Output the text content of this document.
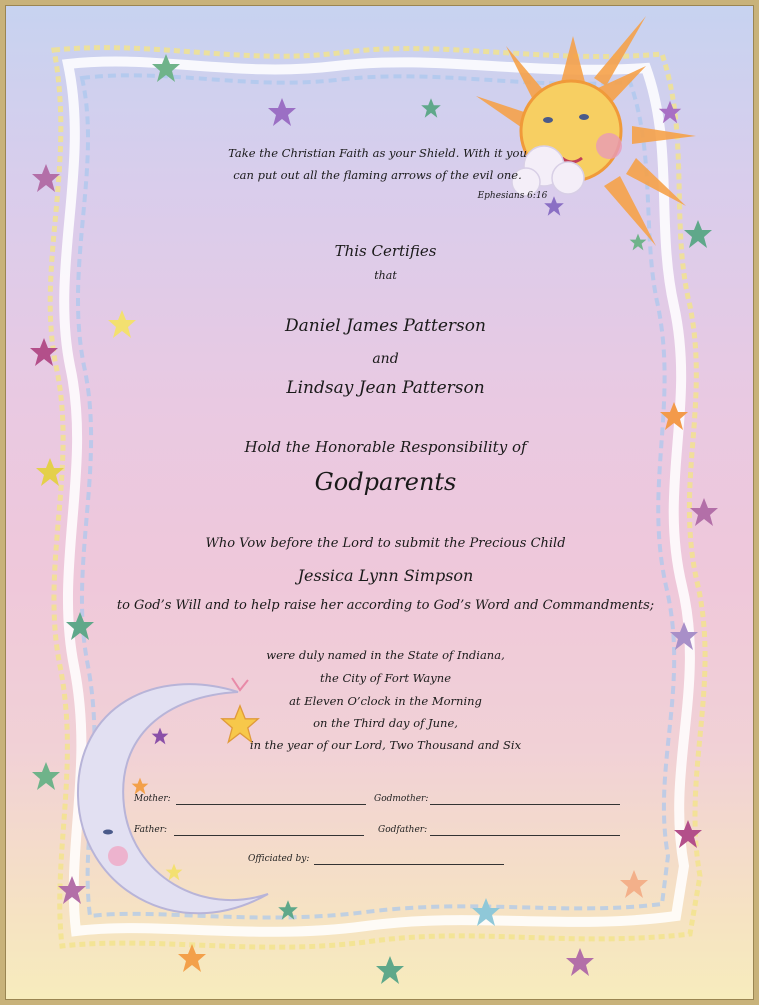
Take the Christian Faith as your Shield. With it you
can put out all the flaming arrows of the evil one.
Ephesians 6:16
This Certifies
that
Daniel James Patterson
and
Lindsay Jean Patterson
Hold the Honorable Responsibility of
Godparents
Who Vow before the Lord to submit the Precious Child
Jessica Lynn Simpson
to God’s Will and to help raise her according to God’s Word and Commandments;
were duly named in the State of Indiana,
the City of Fort Wayne
at Eleven O’clock in the Morning
on the Third day of June,
in the year of our Lord, Two Thousand and Six
Mother:	Godmother:
Father:	Godfather:
Officiated by:
